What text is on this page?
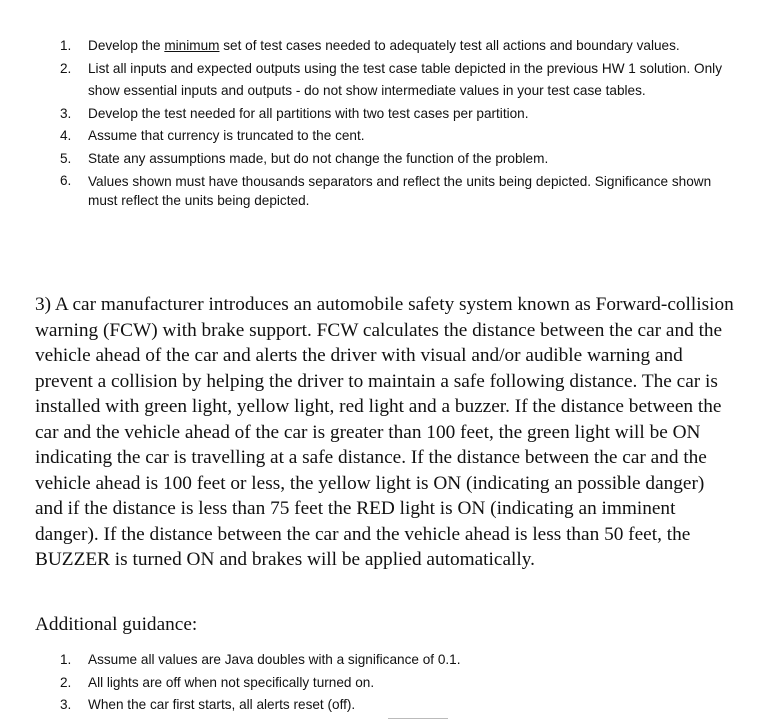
1. Develop the minimum set of test cases needed to adequately test all actions and boundary values.
2. List all inputs and expected outputs using the test case table depicted in the previous HW 1 solution. Only show essential inputs and outputs - do not show intermediate values in your test case tables.
3. Develop the test needed for all partitions with two test cases per partition.
4. Assume that currency is truncated to the cent.
5. State any assumptions made, but do not change the function of the problem.
6. Values shown must have thousands separators and reflect the units being depicted. Significance shown must reflect the units being depicted.

3) A car manufacturer introduces an automobile safety system known as Forward-collision warning (FCW) with brake support. FCW calculates the distance between the car and the vehicle ahead of the car and alerts the driver with visual and/or audible warning and prevent a collision by helping the driver to maintain a safe following distance. The car is installed with green light, yellow light, red light and a buzzer. If the distance between the car and the vehicle ahead of the car is greater than 100 feet, the green light will be ON indicating the car is travelling at a safe distance. If the distance between the car and the vehicle ahead is 100 feet or less, the yellow light is ON (indicating an possible danger) and if the distance is less than 75 feet the RED light is ON (indicating an imminent danger). If the distance between the car and the vehicle ahead is less than 50 feet, the BUZZER is turned ON and brakes will be applied automatically.

Additional guidance:

1. Assume all values are Java doubles with a significance of 0.1.
2. All lights are off when not specifically turned on.
3. When the car first starts, all alerts reset (off).
